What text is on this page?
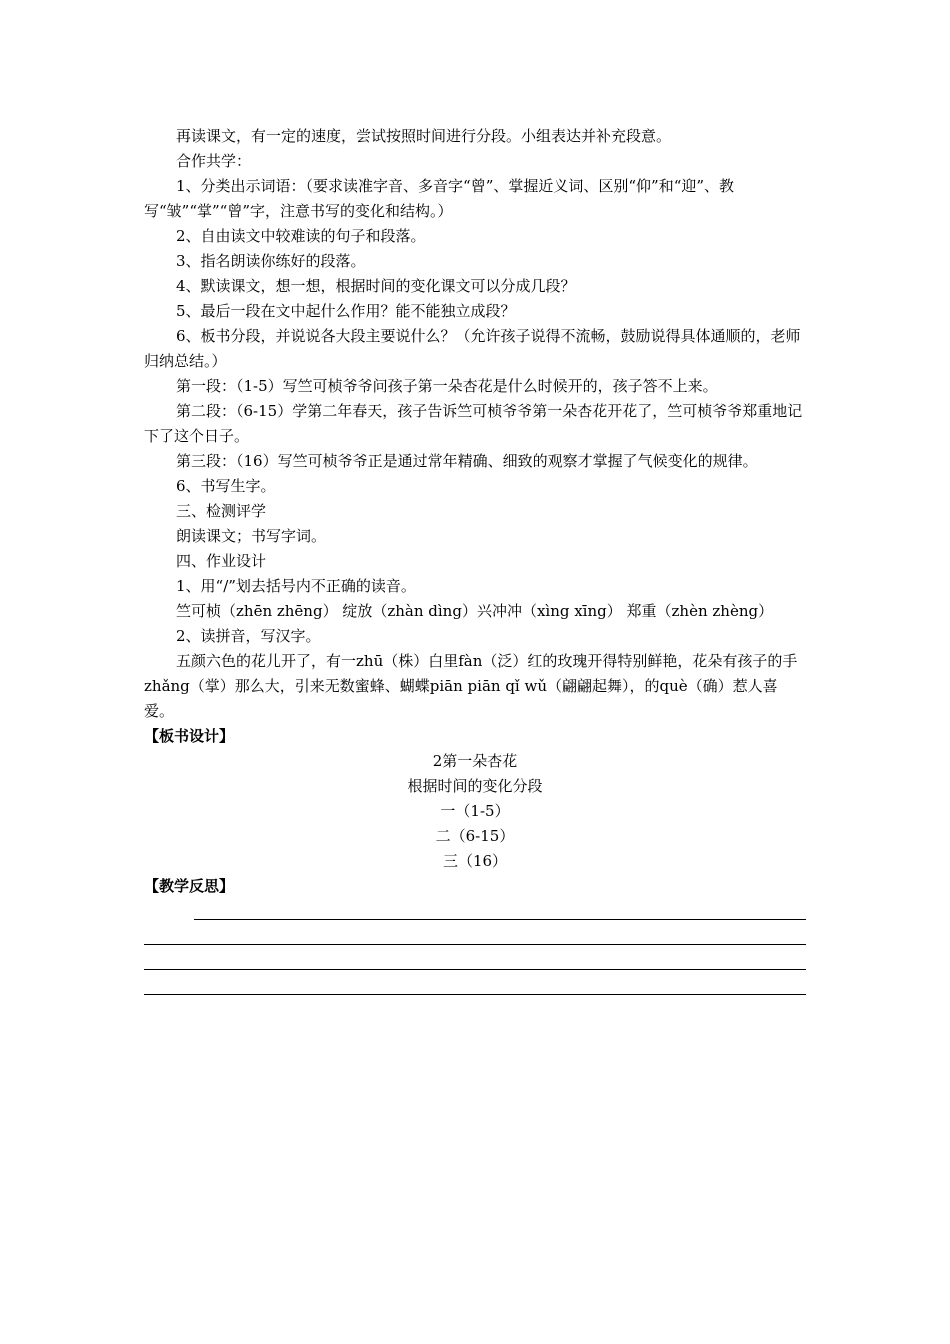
再读课文，有一定的速度，尝试按照时间进行分段。小组表达并补充段意。

合作共学：

1、分类出示词语：（要求读准字音、多音字“曾”、掌握近义词、区别“仰”和“迎”、教写“皱”“掌”“曾”字，注意书写的变化和结构。）

2、自由读文中较难读的句子和段落。

3、指名朗读你练好的段落。

4、默读课文，想一想，根据时间的变化课文可以分成几段？

5、最后一段在文中起什么作用？能不能独立成段？

6、板书分段，并说说各大段主要说什么？（允许孩子说得不流畅，鼓励说得具体通顺的，老师归纳总结。）

第一段：（1-5）写竺可桢爷爷问孩子第一朵杏花是什么时候开的，孩子答不上来。

第二段：（6-15）学第二年春天，孩子告诉竺可桢爷爷第一朵杏花开花了，竺可桢爷爷郑重地记下了这个日子。

第三段：（16）写竺可桢爷爷正是通过常年精确、细致的观察才掌握了气候变化的规律。

6、书写生字。

三、检测评学

朗读课文；书写字词。

四、作业设计

1、用“/”划去括号内不正确的读音。

竺可桢（zhēn zhēng） 绽放（zhàn dìng）兴冲冲（xìng xīng） 郑重（zhèn zhèng）

2、读拼音，写汉字。

五颜六色的花儿开了，有一zhū（株）白里fàn（泛）红的玫瑰开得特别鲜艳，花朵有孩子的手zhǎng（掌）那么大，引来无数蜜蜂、蝴蝶piān piān qǐ wǔ（翩翩起舞），的què（确）惹人喜爱。

【板书设计】

2第一朵杏花

根据时间的变化分段

一（1-5）

二（6-15）

三（16）

【教学反思】
